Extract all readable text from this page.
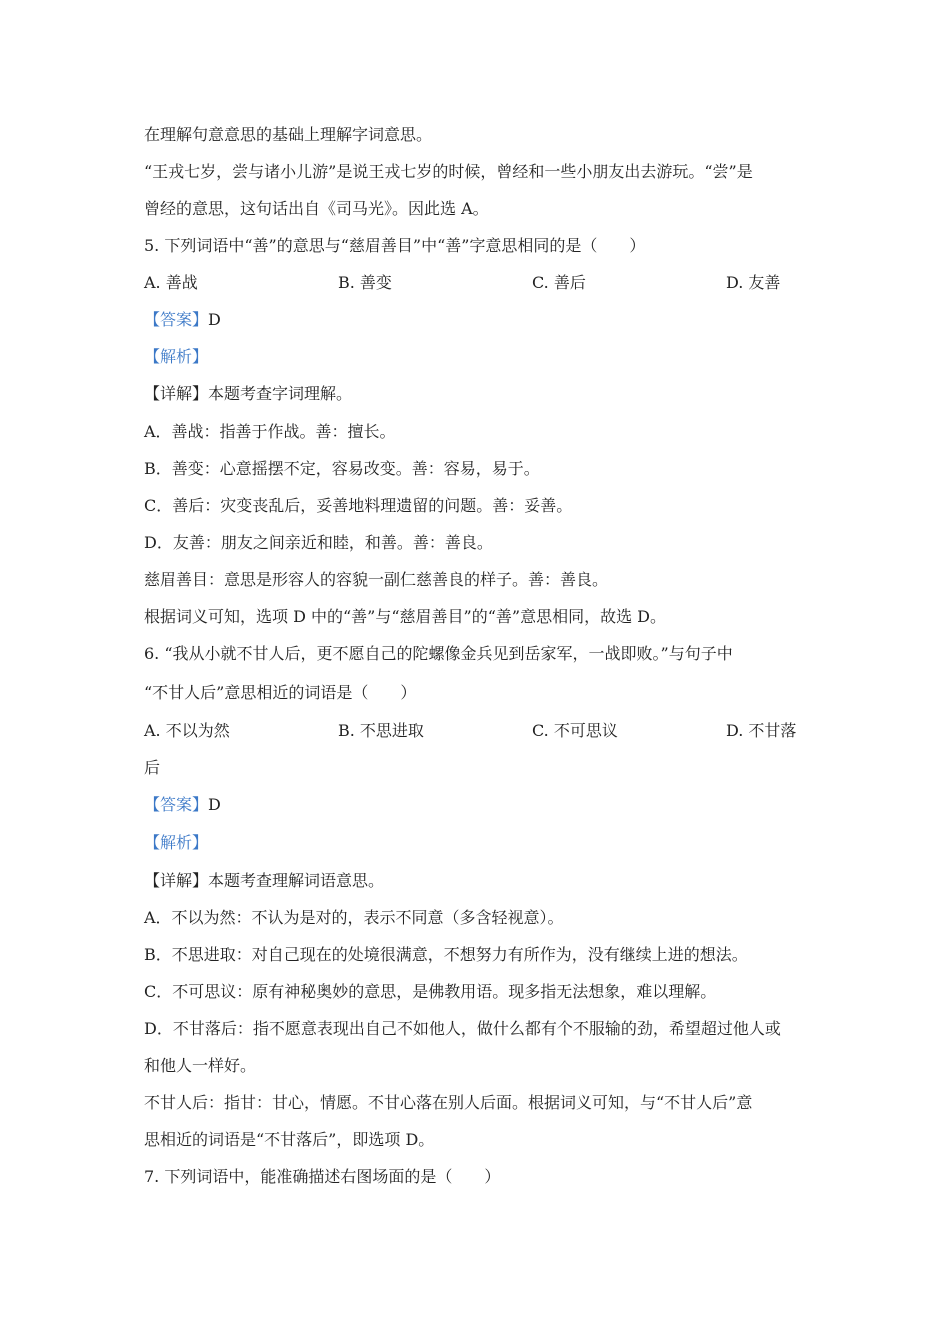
在理解句意意思的基础上理解字词意思。
“王戎七岁，尝与诸小儿游”是说王戎七岁的时候，曾经和一些小朋友出去游玩。“尝”是
曾经的意思，这句话出自《司马光》。因此选 A。
5. 下列词语中“善”的意思与“慈眉善目”中“善”字意思相同的是（　　）
A. 善战	B. 善变	C. 善后	D. 友善
【答案】D
【解析】
【详解】本题考查字词理解。
A．善战：指善于作战。善：擅长。
B．善变：心意摇摆不定，容易改变。善：容易，易于。
C．善后：灾变丧乱后，妥善地料理遗留的问题。善：妥善。
D．友善：朋友之间亲近和睦，和善。善：善良。
慈眉善目：意思是形容人的容貌一副仁慈善良的样子。善：善良。
根据词义可知，选项 D 中的“善”与“慈眉善目”的“善”意思相同，故选 D。
6. “我从小就不甘人后，更不愿自己的陀螺像金兵见到岳家军，一战即败。”与句子中
“不甘人后”意思相近的词语是（　　）
A. 不以为然	B. 不思进取	C. 不可思议	D. 不甘落
后
【答案】D
【解析】
【详解】本题考查理解词语意思。
A．不以为然：不认为是对的，表示不同意（多含轻视意）。
B．不思进取：对自己现在的处境很满意，不想努力有所作为，没有继续上进的想法。
C．不可思议：原有神秘奥妙的意思，是佛教用语。现多指无法想象，难以理解。
D．不甘落后：指不愿意表现出自己不如他人，做什么都有个不服输的劲，希望超过他人或
和他人一样好。
不甘人后：指甘：甘心，情愿。不甘心落在别人后面。根据词义可知，与“不甘人后”意
思相近的词语是“不甘落后”，即选项 D。
7. 下列词语中，能准确描述右图场面的是（　　）
